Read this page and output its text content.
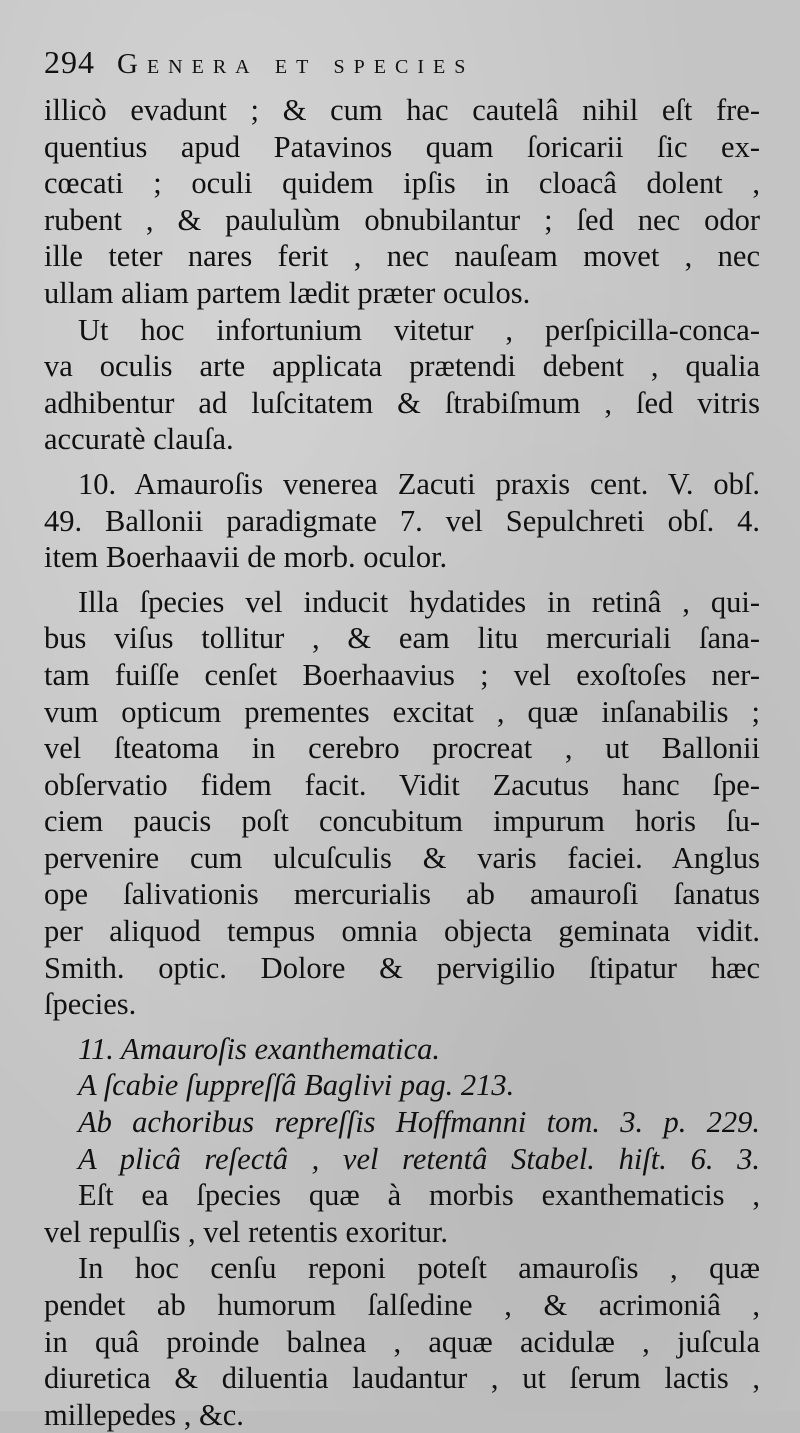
294 Genera et species
illicò evadunt ; & cum hac cautelâ nihil eſt fre-
quentius apud Patavinos quam ſoricarii ſic ex-
cœcati ; oculi quidem ipſis in cloacâ dolent ,
rubent , & paululùm obnubilantur ; ſed nec odor
ille teter nares ferit , nec nauſeam movet , nec
ullam aliam partem lædit præter oculos.
Ut hoc infortunium vitetur , perſpicilla-conca-
va oculis arte applicata prætendi debent , qualia
adhibentur ad luſcitatem & ſtrabiſmum , ſed vitris
accuratè clauſa.
10. Amauroſis venerea Zacuti praxis cent. V. obſ.
49. Ballonii paradigmate 7. vel Sepulchreti obſ. 4.
item Boerhaavii de morb. oculor.
Illa ſpecies vel inducit hydatides in retinâ , qui-
bus viſus tollitur , & eam litu mercuriali ſana-
tam fuiſſe cenſet Boerhaavius ; vel exoſtoſes ner-
vum opticum prementes excitat , quæ inſanabilis ;
vel ſteatoma in cerebro procreat , ut Ballonii
obſervatio fidem facit. Vidit Zacutus hanc ſpe-
ciem paucis poſt concubitum impurum horis ſu-
pervenire cum ulcuſculis & varis faciei. Anglus
ope ſalivationis mercurialis ab amauroſi ſanatus
per aliquod tempus omnia objecta geminata vidit.
Smith. optic. Dolore & pervigilio ſtipatur hæc
ſpecies.
11. Amauroſis exanthematica.
A ſcabie ſuppreſſâ Baglivi pag. 213.
Ab achoribus repreſſis Hoffmanni tom. 3. p. 229.
A plicâ reſectâ , vel retentâ Stabel. hiſt. 6. 3.
Eſt ea ſpecies quæ à morbis exanthematicis ,
vel repulſis , vel retentis exoritur.
In hoc cenſu reponi poteſt amauroſis , quæ
pendet ab humorum ſalſedine , & acrimoniâ ,
in quâ proinde balnea , aquæ acidulæ , juſcula
diuretica & diluentia laudantur , ut ſerum lactis ,
millepedes , &c.
